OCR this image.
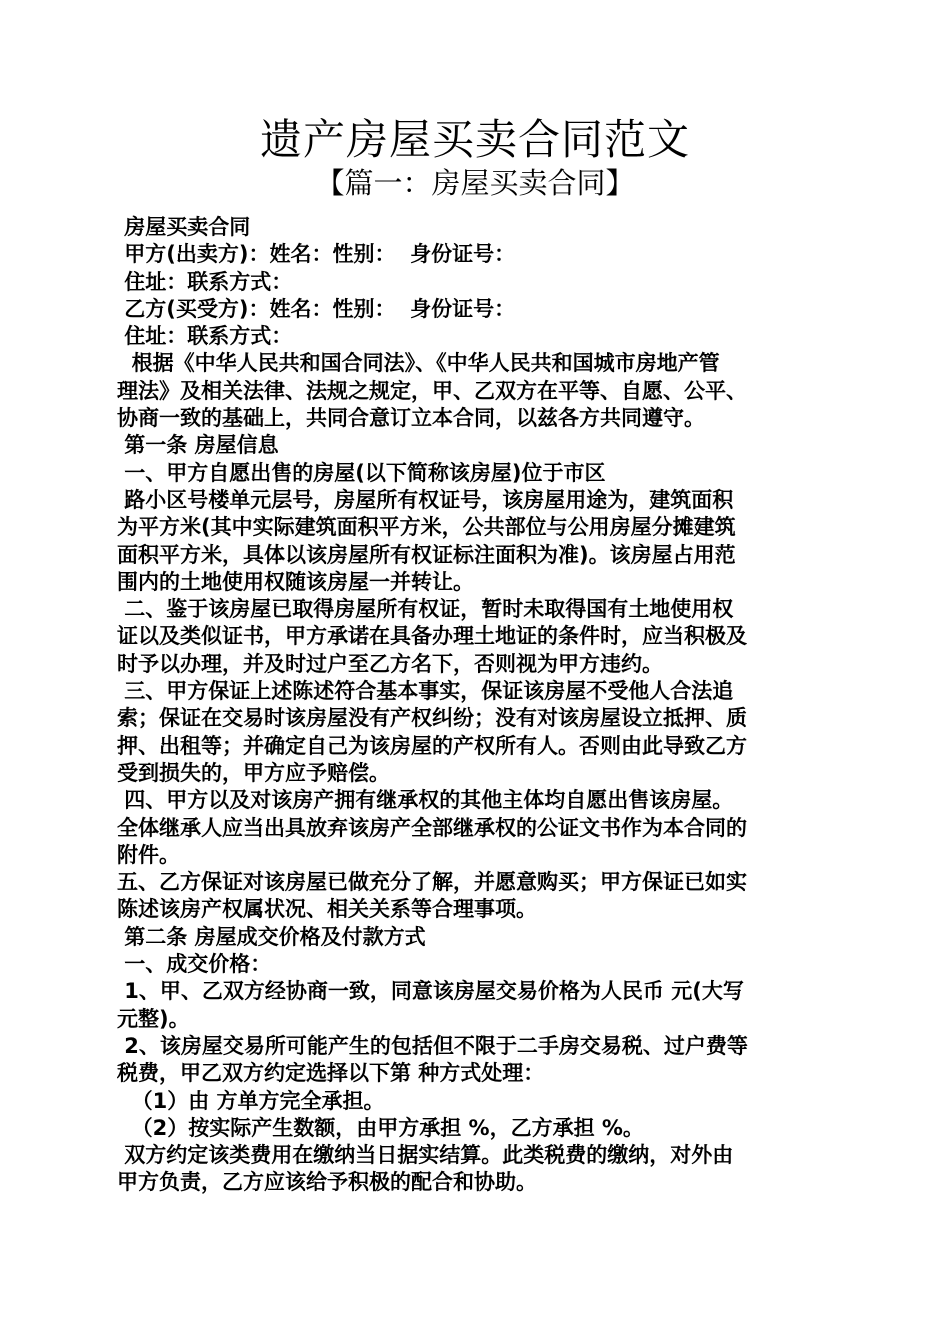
遗产房屋买卖合同范文
【篇一：房屋买卖合同】
房屋买卖合同
甲方(出卖方)：姓名：性别：  身份证号：
住址：联系方式：
乙方(买受方)：姓名：性别：  身份证号：
住址：联系方式：
根据《中华人民共和国合同法》、《中华人民共和国城市房地产管
理法》及相关法律、法规之规定，甲、乙双方在平等、自愿、公平、
协商一致的基础上，共同合意订立本合同，以兹各方共同遵守。
第一条 房屋信息
一、甲方自愿出售的房屋(以下简称该房屋)位于市区
路小区号楼单元层号，房屋所有权证号，该房屋用途为，建筑面积
为平方米(其中实际建筑面积平方米，公共部位与公用房屋分摊建筑
面积平方米，具体以该房屋所有权证标注面积为准)。该房屋占用范
围内的土地使用权随该房屋一并转让。
二、鉴于该房屋已取得房屋所有权证，暂时未取得国有土地使用权
证以及类似证书，甲方承诺在具备办理土地证的条件时，应当积极及
时予以办理，并及时过户至乙方名下，否则视为甲方违约。
三、甲方保证上述陈述符合基本事实，保证该房屋不受他人合法追
索；保证在交易时该房屋没有产权纠纷；没有对该房屋设立抵押、质
押、出租等；并确定自己为该房屋的产权所有人。否则由此导致乙方
受到损失的，甲方应予赔偿。
四、甲方以及对该房产拥有继承权的其他主体均自愿出售该房屋。
全体继承人应当出具放弃该房产全部继承权的公证文书作为本合同的
附件。
五、乙方保证对该房屋已做充分了解，并愿意购买；甲方保证已如实
陈述该房产权属状况、相关关系等合理事项。
第二条 房屋成交价格及付款方式
一、成交价格：
1、甲、乙双方经协商一致，同意该房屋交易价格为人民币 元(大写
元整)。
2、该房屋交易所可能产生的包括但不限于二手房交易税、过户费等
税费，甲乙双方约定选择以下第 种方式处理：
（1）由 方单方完全承担。
（2）按实际产生数额，由甲方承担 %，乙方承担 %。
双方约定该类费用在缴纳当日据实结算。此类税费的缴纳，对外由
甲方负责，乙方应该给予积极的配合和协助。
